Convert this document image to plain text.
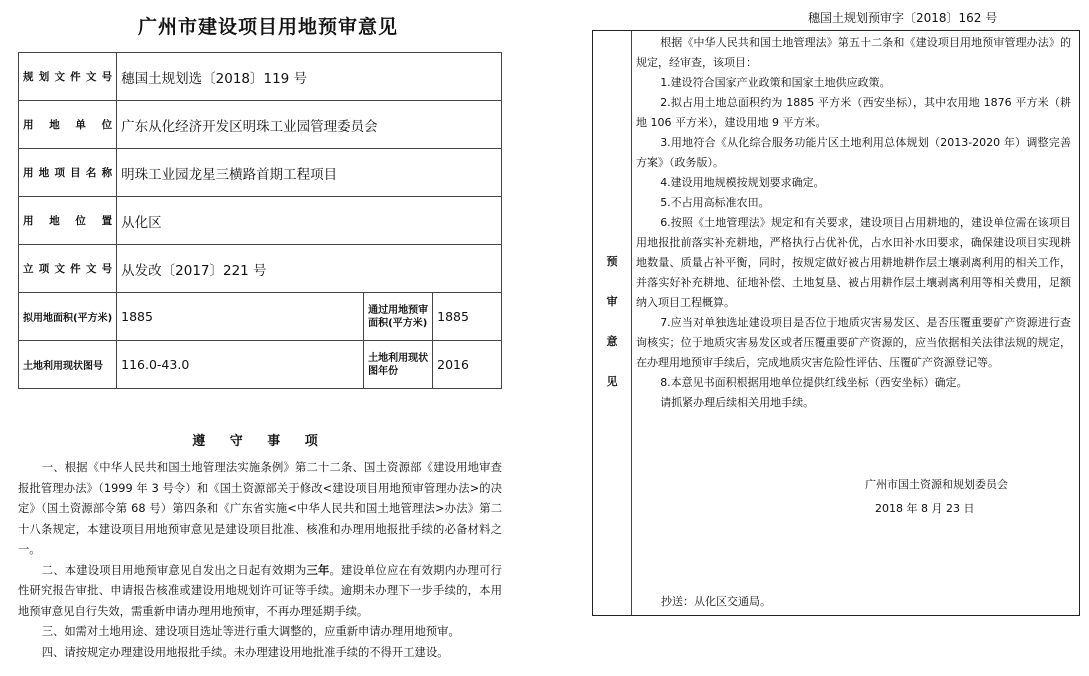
广州市建设项目用地预审意见
规划文件文号	穗国土规划选〔2018〕119 号		
用 地 单 位	广东从化经济开发区明珠工业园管理委员会		
用地项目名称	明珠工业园龙星三横路首期工程项目		
用 地 位 置	从化区		
立项文件文号	从发改〔2017〕221 号		
拟用地面积(平方米)	1885	通过用地预审面积(平方米)	1885
土地利用现状图号	116.0-43.0	土地利用现状图年份	2016
遵 守 事 项

一、根据《中华人民共和国土地管理法实施条例》第二十二条、国土资源部《建设用地审查报批管理办法》（1999 年 3 号令）和《国土资源部关于修改<建设项目用地预审管理办法>的决定》（国土资源部令第 68 号）第四条和《广东省实施<中华人民共和国土地管理法>办法》第二十八条规定，本建设项目用地预审意见是建设项目批准、核准和办理用地报批手续的必备材料之一。

二、本建设项目用地预审意见自发出之日起有效期为三年。建设单位应在有效期内办理可行性研究报告审批、申请报告核准或建设用地规划许可证等手续。逾期未办理下一步手续的，本用地预审意见自行失效，需重新申请办理用地预审，不再办理延期手续。

三、如需对土地用途、建设项目选址等进行重大调整的，应重新申请办理用地预审。

四、请按规定办理建设用地报批手续。未办理建设用地批准手续的不得开工建设。

穗国土规划预审字〔2018〕162 号
预
审
意
见

根据《中华人民共和国土地管理法》第五十二条和《建设项目用地预审管理办法》的规定，经审查，该项目：

1.建设符合国家产业政策和国家土地供应政策。

2.拟占用土地总面积约为 1885 平方米（西安坐标），其中农用地 1876 平方米（耕地 106 平方米），建设用地 9 平方米。

3.用地符合《从化综合服务功能片区土地利用总体规划（2013-2020 年）调整完善方案》（政务版）。

4.建设用地规模按规划要求确定。

5.不占用高标准农田。

6.按照《土地管理法》规定和有关要求，建设项目占用耕地的，建设单位需在该项目用地报批前落实补充耕地，严格执行占优补优，占水田补水田要求，确保建设项目实现耕地数量、质量占补平衡，同时，按规定做好被占用耕地耕作层土壤剥离利用的相关工作，并落实好补充耕地、征地补偿、土地复垦、被占用耕作层土壤剥离利用等相关费用，足额纳入项目工程概算。

7.应当对单独选址建设项目是否位于地质灾害易发区、是否压覆重要矿产资源进行查询核实；位于地质灾害易发区或者压覆重要矿产资源的，应当依据相关法律法规的规定，在办理用地预审手续后，完成地质灾害危险性评估、压覆矿产资源登记等。

8.本意见书面积根据用地单位提供红线坐标（西安坐标）确定。

请抓紧办理后续相关用地手续。

广州市国土资源和规划委员会
2018 年 8 月 23 日
抄送：从化区交通局。
